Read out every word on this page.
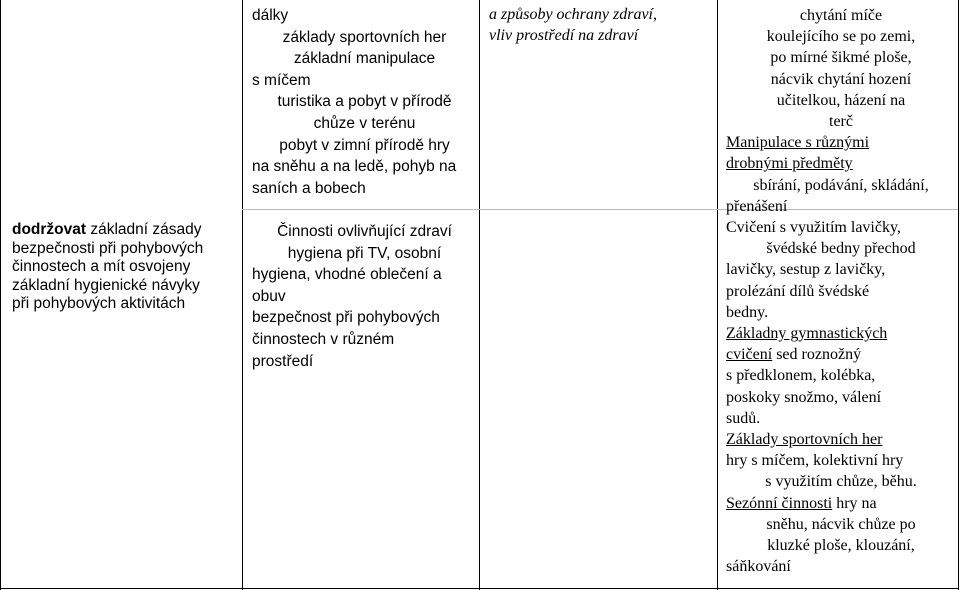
dodržovat základní zásady
bezpečnosti při pohybových
činnostech a mít osvojeny
základní hygienické návyky
při pohybových aktivitách
dálky
základy sportovních her
základní manipulace
s míčem
turistika a pobyt v přírodě
chůze v terénu
pobyt v zimní přírodě hry
na sněhu a na ledě, pohyb na
saních a bobech
Činnosti ovlivňující zdraví
hygiena při TV, osobní
hygiena, vhodné oblečení a
obuv
bezpečnost při pohybových
činnostech v různém
prostředí
a způsoby ochrany zdraví,
vliv prostředí na zdraví
chytání míče
koulejícího se po zemi,
po mírné šikmé ploše,
nácvik chytání hození
učitelkou, házení na
terč
Manipulace s různými
drobnými předměty
sbírání, podávání, skládání,
přenášení
Cvičení s využitím lavičky,
švédské bedny přechod
lavičky, sestup z lavičky,
prolézání dílů švédské
bedny.
Základny gymnastických
cvičení sed roznožný
s předklonem, kolébka,
poskoky snožmo, válení
sudů.
Základy sportovních her
hry s míčem, kolektivní hry
s využitím chůze, běhu.
Sezónní činnosti hry na
sněhu, nácvik chůze po
kluzké ploše, klouzání,
sáňkování
